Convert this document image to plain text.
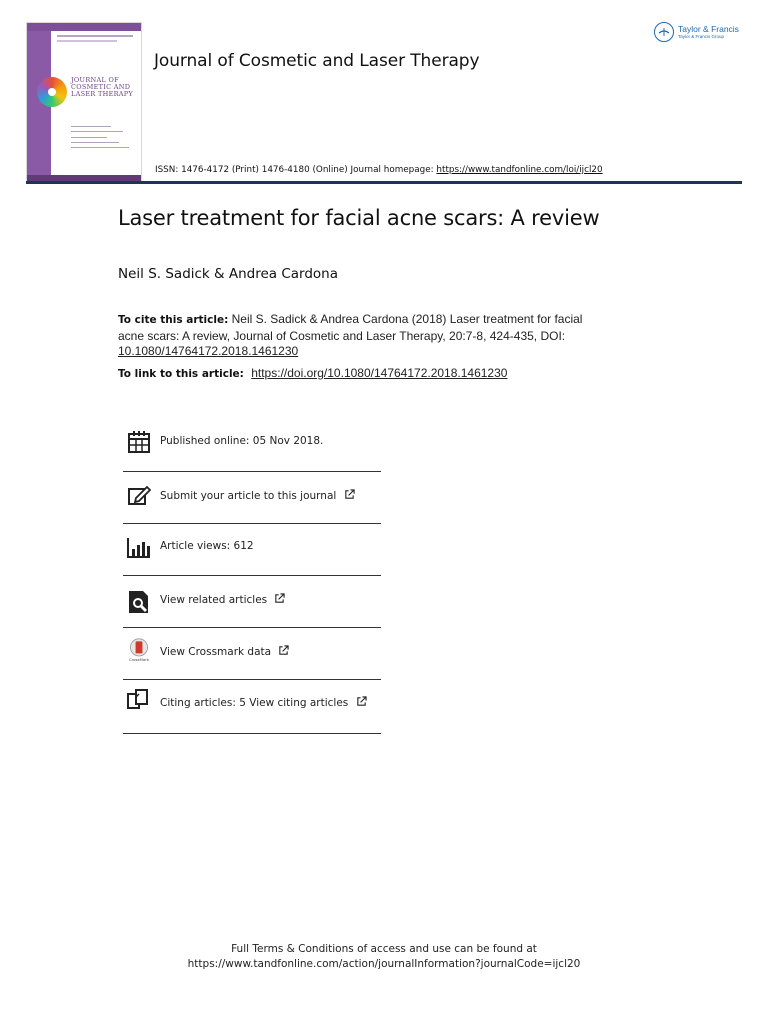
JOURNAL OF COSMETIC AND LASER THERAPY
Journal of Cosmetic and Laser Therapy
Taylor & Francis
Taylor & Francis Group
ISSN: 1476-4172 (Print) 1476-4180 (Online) Journal homepage: https://www.tandfonline.com/loi/ijcl20
Laser treatment for facial acne scars: A review
Neil S. Sadick & Andrea Cardona
To cite this article: Neil S. Sadick & Andrea Cardona (2018) Laser treatment for facial acne scars: A review, Journal of Cosmetic and Laser Therapy, 20:7-8, 424-435, DOI:
10.1080/14764172.2018.1461230
To link to this article: https://doi.org/10.1080/14764172.2018.1461230
Published online: 05 Nov 2018.
Submit your article to this journal
Article views: 612
View related articles
CrossMark
View Crossmark data
Citing articles: 5 View citing articles
Full Terms & Conditions of access and use can be found at
https://www.tandfonline.com/action/journalInformation?journalCode=ijcl20
